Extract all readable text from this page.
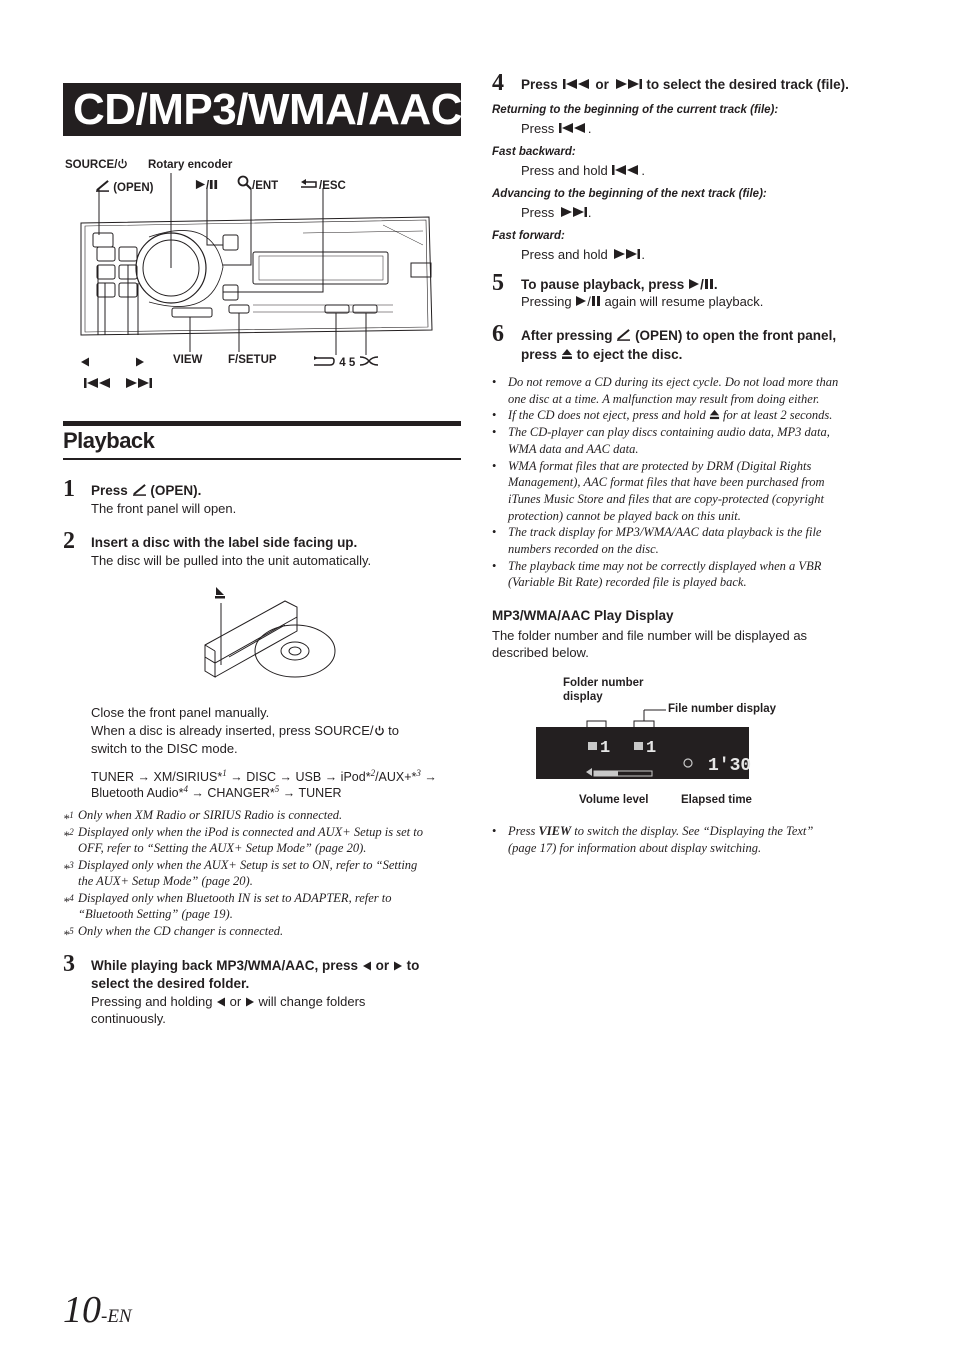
CD/MP3/WMA/AAC
SOURCE/	Rotary encoder
(OPEN)	/	/ENT	/ESC
VIEW F/SETUP	4 5
Playback
1 Press (OPEN).
The front panel will open.
2 Insert a disc with the label side facing up.
The disc will be pulled into the unit automatically.
Close the front panel manually.
When a disc is already inserted, press SOURCE/ to
switch to the DISC mode.
TUNER → XM/SIRIUS*$^1$ → DISC → USB → iPod*$^2$/AUX+*$^3$ →
Bluetooth Audio*$^4$ → CHANGER*$^5$ → TUNER
*$^1$ Only when XM Radio or SIRIUS Radio is connected.
*$^2$ Displayed only when the iPod is connected and AUX+ Setup is set to
OFF, refer to “Setting the AUX+ Setup Mode” (page 20).
*$^3$ Displayed only when the AUX+ Setup is set to ON, refer to “Setting
the AUX+ Setup Mode” (page 20).
*$^4$ Displayed only when Bluetooth IN is set to ADAPTER, refer to
“Bluetooth Setting” (page 19).
*$^5$ Only when the CD changer is connected.
3 While playing back MP3/WMA/AAC, press or to
select the desired folder.
Pressing and holding or will change folders
continuously.
4 Press	or	to select the desired track (file).
Returning to the beginning of the current track (file):
Press	.
Fast backward:
Press and hold	.
Advancing to the beginning of the next track (file):
Press	.
Fast forward:
Press and hold	.
5 To pause playback, press / .
Pressing / again will resume playback.
6 After pressing (OPEN) to open the front panel,
press to eject the disc.
• Do not remove a CD during its eject cycle. Do not load more than
one disc at a time. A malfunction may result from doing either.
• If the CD does not eject, press and hold for at least 2 seconds.
• The CD-player can play discs containing audio data, MP3 data,
WMA data and AAC data.
• WMA format files that are protected by DRM (Digital Rights
Management), AAC format files that have been purchased from
iTunes Music Store and files that are copy-protected (copyright
protection) cannot be played back on this unit.
• The track display for MP3/WMA/AAC data playback is the file
numbers recorded on the disc.
• The playback time may not be correctly displayed when a VBR
(Variable Bit Rate) recorded file is played back.
MP3/WMA/AAC Play Display
The folder number and file number will be displayed as
described below.
Folder number
display
File number display
1 1
1′30
Volume level	Elapsed time
• Press VIEW to switch the display. See “Displaying the Text”
(page 17) for information about display switching.
10-EN
